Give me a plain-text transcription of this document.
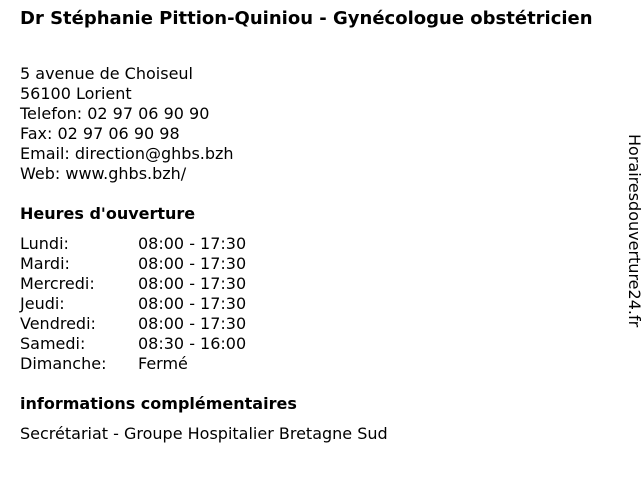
Dr Stéphanie Pittion-Quiniou - Gynécologue obstétricien
5 avenue de Choiseul
56100 Lorient
Telefon: 02 97 06 90 90
Fax: 02 97 06 90 98
Email: direction@ghbs.bzh
Web: www.ghbs.bzh/
Heures d'ouverture
Lundi:	08:00 - 17:30
Mardi:	08:00 - 17:30
Mercredi:	08:00 - 17:30
Jeudi:	08:00 - 17:30
Vendredi:	08:00 - 17:30
Samedi:	08:30 - 16:00
Dimanche:	Fermé
informations complémentaires
Secrétariat - Groupe Hospitalier Bretagne Sud
Horairesdouverture24.fr
